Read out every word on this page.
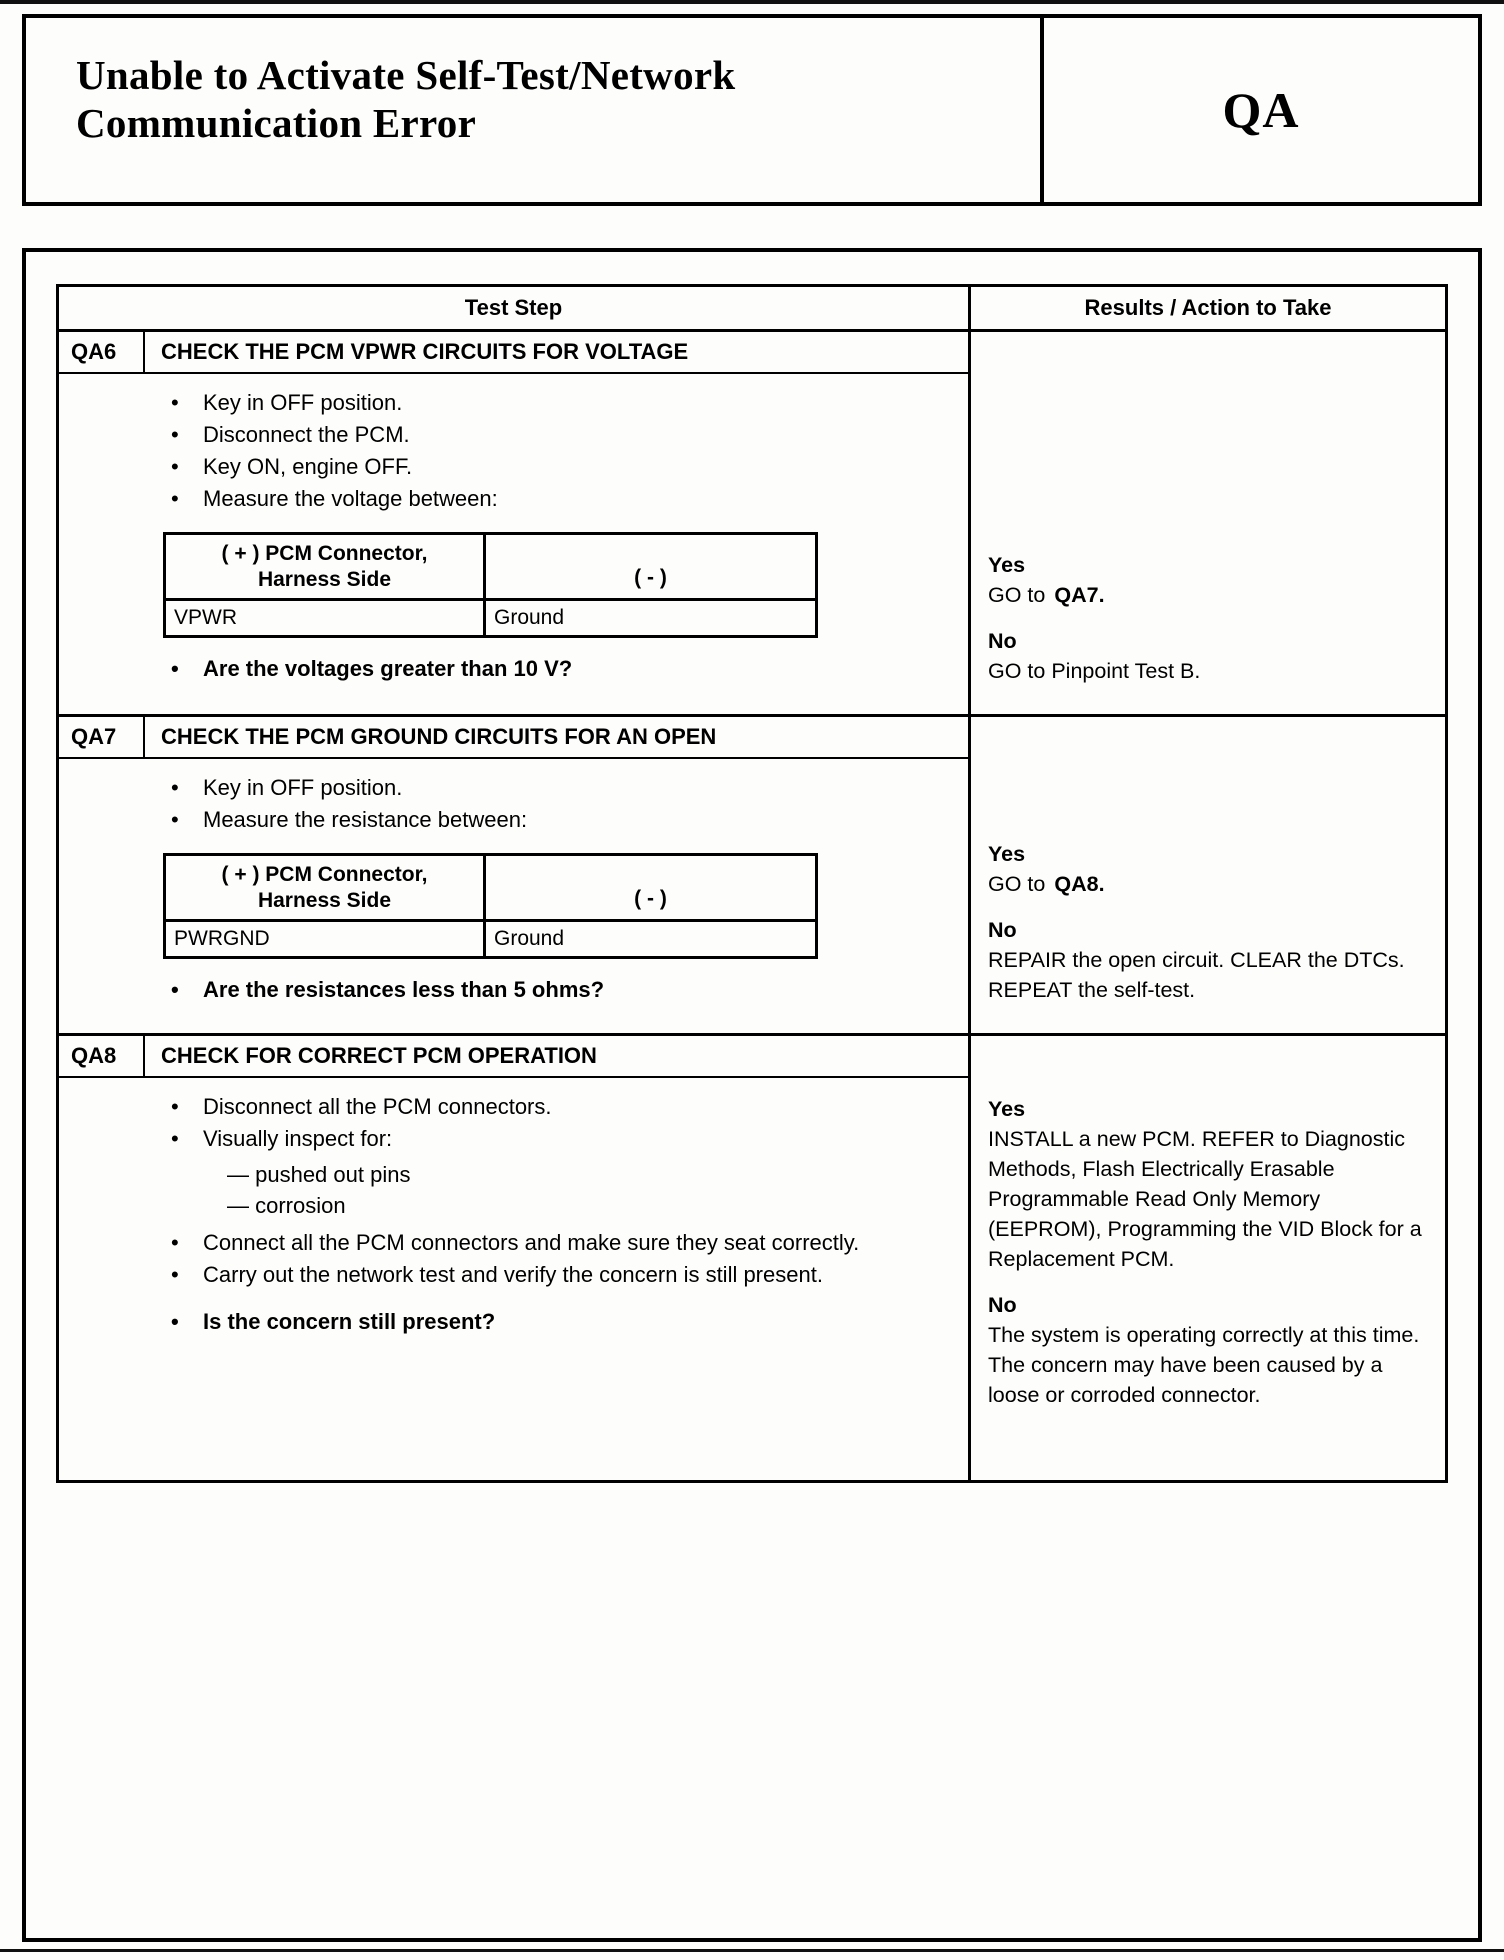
Unable to Activate Self-Test/Network Communication Error	QA
Test Step	Results / Action to Take
QA6	CHECK THE PCM VPWR CIRCUITS FOR VOLTAGE
• Key in OFF position.
• Disconnect the PCM.
• Key ON, engine OFF.
• Measure the voltage between:
( + ) PCM Connector,
Harness Side	( - )
VPWR	Ground
• Are the voltages greater than 10 V?
Yes
GO to QA7.
No
GO to Pinpoint Test B.
QA7	CHECK THE PCM GROUND CIRCUITS FOR AN OPEN
• Key in OFF position.
• Measure the resistance between:
( + ) PCM Connector,
Harness Side	( - )
PWRGND	Ground
• Are the resistances less than 5 ohms?
Yes
GO to QA8.
No
REPAIR the open circuit. CLEAR the DTCs. REPEAT the self-test.
QA8	CHECK FOR CORRECT PCM OPERATION
• Disconnect all the PCM connectors.
• Visually inspect for:
— pushed out pins
— corrosion
• Connect all the PCM connectors and make sure they seat correctly.
• Carry out the network test and verify the concern is still present.
• Is the concern still present?
Yes
INSTALL a new PCM. REFER to Diagnostic Methods, Flash Electrically Erasable Programmable Read Only Memory (EEPROM), Programming the VID Block for a Replacement PCM.
No
The system is operating correctly at this time. The concern may have been caused by a loose or corroded connector.
